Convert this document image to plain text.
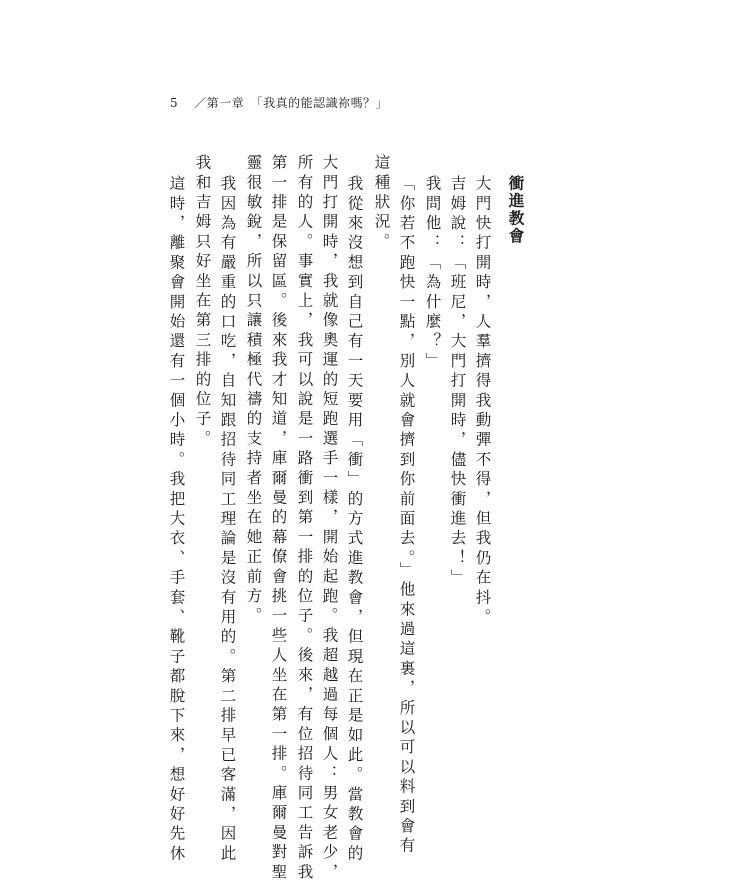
5 ／第一章　「我真的能認識祢嗎？」
衝進教會
大門快打開時，人羣擠得我動彈不得，但我仍在抖。
吉姆說：「班尼，大門打開時，儘快衝進去！」
我問他：「為什麼？」
「你若不跑快一點，別人就會擠到你前面去。」他來過這裏，所以可以料到會有
這種狀況。
我從來沒想到自己有一天要用「衝」的方式進教會，但現在正是如此。當教會的
大門打開時，我就像奧運的短跑選手一樣，開始起跑。我超越過每個人：男女老少，
所有的人。事實上，我可以說是一路衝到第一排的位子。後來，有位招待同工告訴我
第一排是保留區。後來我才知道，庫爾曼的幕僚會挑一些人坐在第一排。庫爾曼對聖
靈很敏銳，所以只讓積極代禱的支持者坐在她正前方。
我因為有嚴重的口吃，自知跟招待同工理論是沒有用的。第二排早已客滿，因此
我和吉姆只好坐在第三排的位子。
這時，離聚會開始還有一個小時。我把大衣、手套、靴子都脫下來，想好好先休
